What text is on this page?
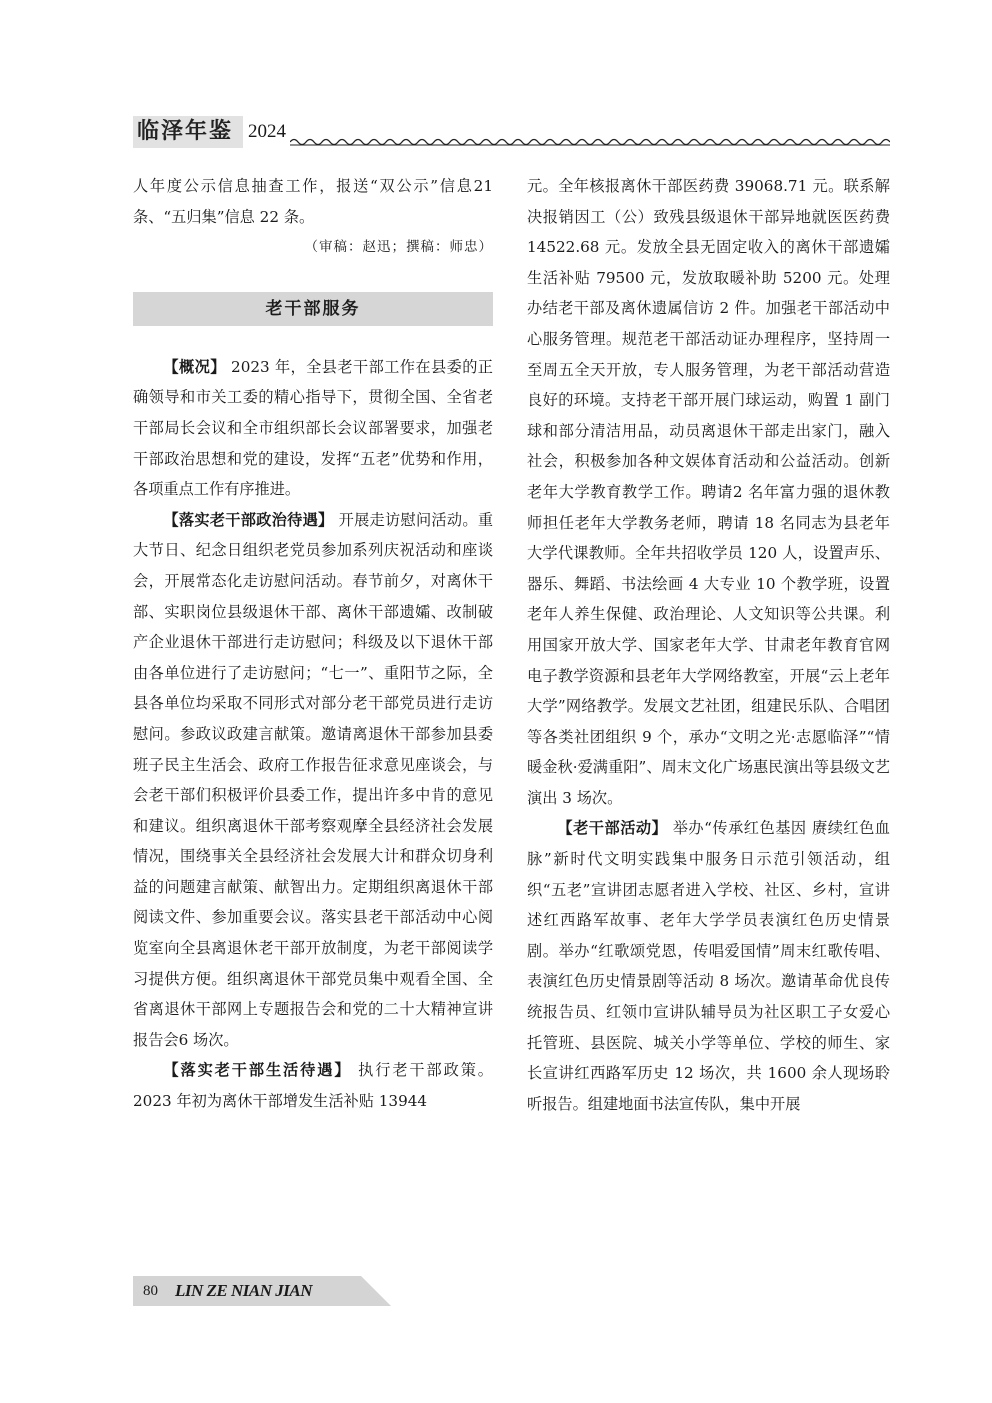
临泽年鉴 2024

人年度公示信息抽查工作，报送“双公示”信息21 条、“五归集”信息 22 条。

（审稿：赵迅；撰稿：师忠）

老干部服务

【概况】 2023 年，全县老干部工作在县委的正确领导和市关工委的精心指导下，贯彻全国、全省老干部局长会议和全市组织部长会议部署要求，加强老干部政治思想和党的建设，发挥“五老”优势和作用，各项重点工作有序推进。

【落实老干部政治待遇】 开展走访慰问活动。重大节日、纪念日组织老党员参加系列庆祝活动和座谈会，开展常态化走访慰问活动。春节前夕，对离休干部、实职岗位县级退休干部、离休干部遗孀、改制破产企业退休干部进行走访慰问；科级及以下退休干部由各单位进行了走访慰问；“七一”、重阳节之际，全县各单位均采取不同形式对部分老干部党员进行走访慰问。参政议政建言献策。邀请离退休干部参加县委班子民主生活会、政府工作报告征求意见座谈会，与会老干部们积极评价县委工作，提出许多中肯的意见和建议。组织离退休干部考察观摩全县经济社会发展情况，围绕事关全县经济社会发展大计和群众切身利益的问题建言献策、献智出力。定期组织离退休干部阅读文件、参加重要会议。落实县老干部活动中心阅览室向全县离退休老干部开放制度，为老干部阅读学习提供方便。组织离退休干部党员集中观看全国、全省离退休干部网上专题报告会和党的二十大精神宣讲报告会6 场次。

【落实老干部生活待遇】 执行老干部政策。2023 年初为离休干部增发生活补贴 13944

元。全年核报离休干部医药费 39068.71 元。联系解决报销因工（公）致残县级退休干部异地就医医药费 14522.68 元。发放全县无固定收入的离休干部遗孀生活补贴 79500 元，发放取暖补助 5200 元。处理办结老干部及离休遗属信访 2 件。加强老干部活动中心服务管理。规范老干部活动证办理程序，坚持周一至周五全天开放，专人服务管理，为老干部活动营造良好的环境。支持老干部开展门球运动，购置 1 副门球和部分清洁用品，动员离退休干部走出家门，融入社会，积极参加各种文娱体育活动和公益活动。创新老年大学教育教学工作。聘请2 名年富力强的退休教师担任老年大学教务老师，聘请 18 名同志为县老年大学代课教师。全年共招收学员 120 人，设置声乐、器乐、舞蹈、书法绘画 4 大专业 10 个教学班，设置老年人养生保健、政治理论、人文知识等公共课。利用国家开放大学、国家老年大学、甘肃老年教育官网电子教学资源和县老年大学网络教室，开展“云上老年大学”网络教学。发展文艺社团，组建民乐队、合唱团等各类社团组织 9 个，承办“文明之光·志愿临泽”“情暖金秋·爱满重阳”、周末文化广场惠民演出等县级文艺演出 3 场次。

【老干部活动】 举办“传承红色基因 赓续红色血脉”新时代文明实践集中服务日示范引领活动，组织“五老”宣讲团志愿者进入学校、社区、乡村，宣讲述红西路军故事、老年大学学员表演红色历史情景剧。举办“红歌颂党恩，传唱爱国情”周末红歌传唱、表演红色历史情景剧等活动 8 场次。邀请革命优良传统报告员、红领巾宣讲队辅导员为社区职工子女爱心托管班、县医院、城关小学等单位、学校的师生、家长宣讲红西路军历史 12 场次，共 1600 余人现场聆听报告。组建地面书法宣传队，集中开展

80 LIN ZE NIAN JIAN
